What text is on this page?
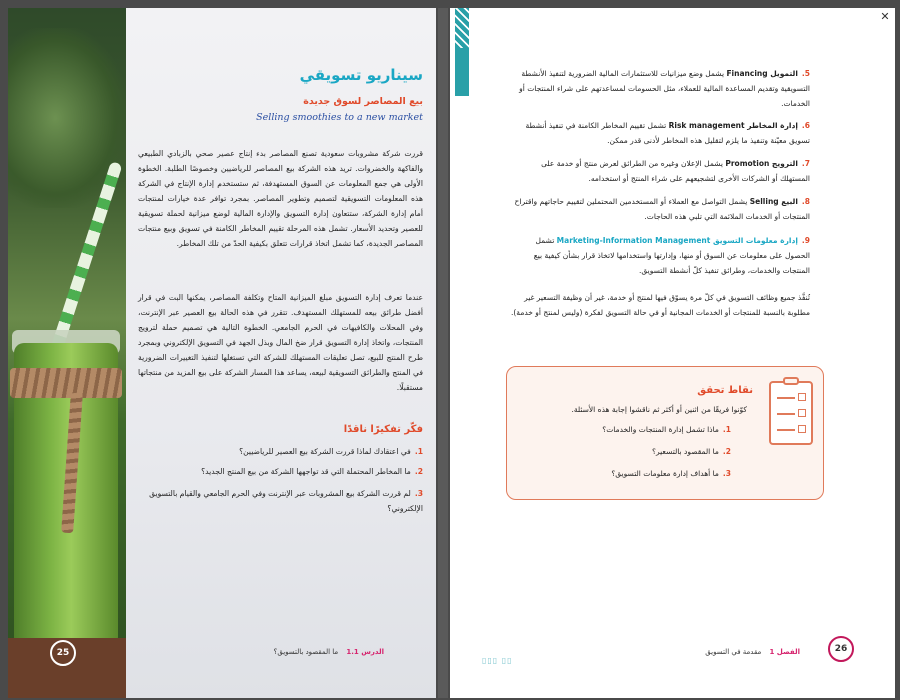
سيناريو تسويقي
بيع المصاصر لسوق جديدة
Selling smoothies to a new market
قررت شركة مشروبات سعودية تصنع المصاصر بدء إنتاج عصير صحي بالزبادي الطبيعي والفاكهة والخضروات. تريد هذه الشركة بيع المصاصر للرياضيين وخصوصًا الطلبة. الخطوة الأولى هي جمع المعلومات عن السوق المستهدفة، ثم ستستخدم إدارة الإنتاج في الشركة هذه المعلومات التسويقية لتصميم وتطوير المصاصر. بمجرد توافر عدة خيارات لمنتجات أمام إدارة الشركة، ستتعاون إدارة التسويق والإدارة المالية لوضع ميزانية لحملة تسويقية للعصير وتحديد الأسعار. تشمل هذه المرحلة تقييم المخاطر الكامنة في تسويق وبيع منتجات المصاصر الجديدة، كما تشمل اتخاذ قرارات تتعلق بكيفية الحدّ من تلك المخاطر.
عندما تعرف إدارة التسويق مبلغ الميزانية المتاح وتكلفة المصاصر، يمكنها البت في قرار أفضل طرائق بيعه للمستهلك المستهدف. تتقرر في هذه الحالة بيع العصير عبر الإنترنت، وفي المحلات والكافيهات في الحرم الجامعي. الخطوة التالية هي تصميم حملة لترويج المنتجات، واتخاذ إدارة التسويق قرار ضخ المال وبذل الجهد في التسويق الإلكتروني وبمجرد طرح المنتج للبيع، تصل تعليقات المستهلك للشركة التي تستغلها لتنفيذ التغييرات الضرورية في المنتج والطرائق التسويقية لبيعه، يساعد هذا المسار الشركة على بيع المزيد من منتجاتها مستقبلًا.
فكّر تفكيرًا ناقدًا
1.في اعتقادك لماذا قررت الشركة بيع العصير للرياضيين؟
2.ما المخاطر المحتملة التي قد تواجهها الشركة من بيع المنتج الجديد؟
3.لم قررت الشركة بيع المشروبات عبر الإنترنت وفي الحرم الجامعي والقيام بالتسويق الإلكتروني؟
الدرس 1.1 ما المقصود بالتسويق؟
25
5.التمويل Financing يشمل وضع ميزانيات للاستثمارات المالية الضرورية لتنفيذ الأنشطة التسويقية وتقديم المساعدة المالية للعملاء، مثل الحسومات لمساعدتهم على شراء المنتجات أو الخدمات.
6.إدارة المخاطر Risk management تشمل تقييم المخاطر الكامنة في تنفيذ أنشطة تسويق معيّنة وتنفيذ ما يلزم لتقليل هذه المخاطر لأدنى قدر ممكن.
7.الترويج Promotion يشمل الإعلان وغيره من الطرائق لعرض منتج أو خدمة على المستهلك أو الشركات الأخرى لتشجيعهم على شراء المنتج أو استخدامه.
8.البيع Selling يشمل التواصل مع العملاء أو المستخدمين المحتملين لتقييم حاجاتهم واقتراح المنتجات أو الخدمات الملائمة التي تلبي هذه الحاجات.
9.إدارة معلومات التسويق Marketing-Information Management تشمل الحصول على معلومات عن السوق أو منها، وإدارتها واستخدامها لاتخاذ قرار بشأن كيفية بيع المنتجات والخدمات، وطرائق تنفيذ كلّ أنشطة التسويق.
تُنفَّذ جميع وظائف التسويق في كلّ مرة يسوّق فيها لمنتج أو خدمة، غير أن وظيفة التسعير غير مطلوبة بالنسبة للمنتجات أو الخدمات المجانية أو في حالة التسويق لفكرة (وليس لمنتج أو خدمة).
نقاط تحقق
كوّنوا فريقًا من اثنين أو أكثر ثم ناقشوا إجابة هذه الأسئلة.
1.ماذا تشمل إدارة المنتجات والخدمات؟
2.ما المقصود بالتسعير؟
3.ما أهداف إدارة معلومات التسويق؟
الفصل 1 مقدمة في التسويق
▯▯▯ ▯▯
26
✕
